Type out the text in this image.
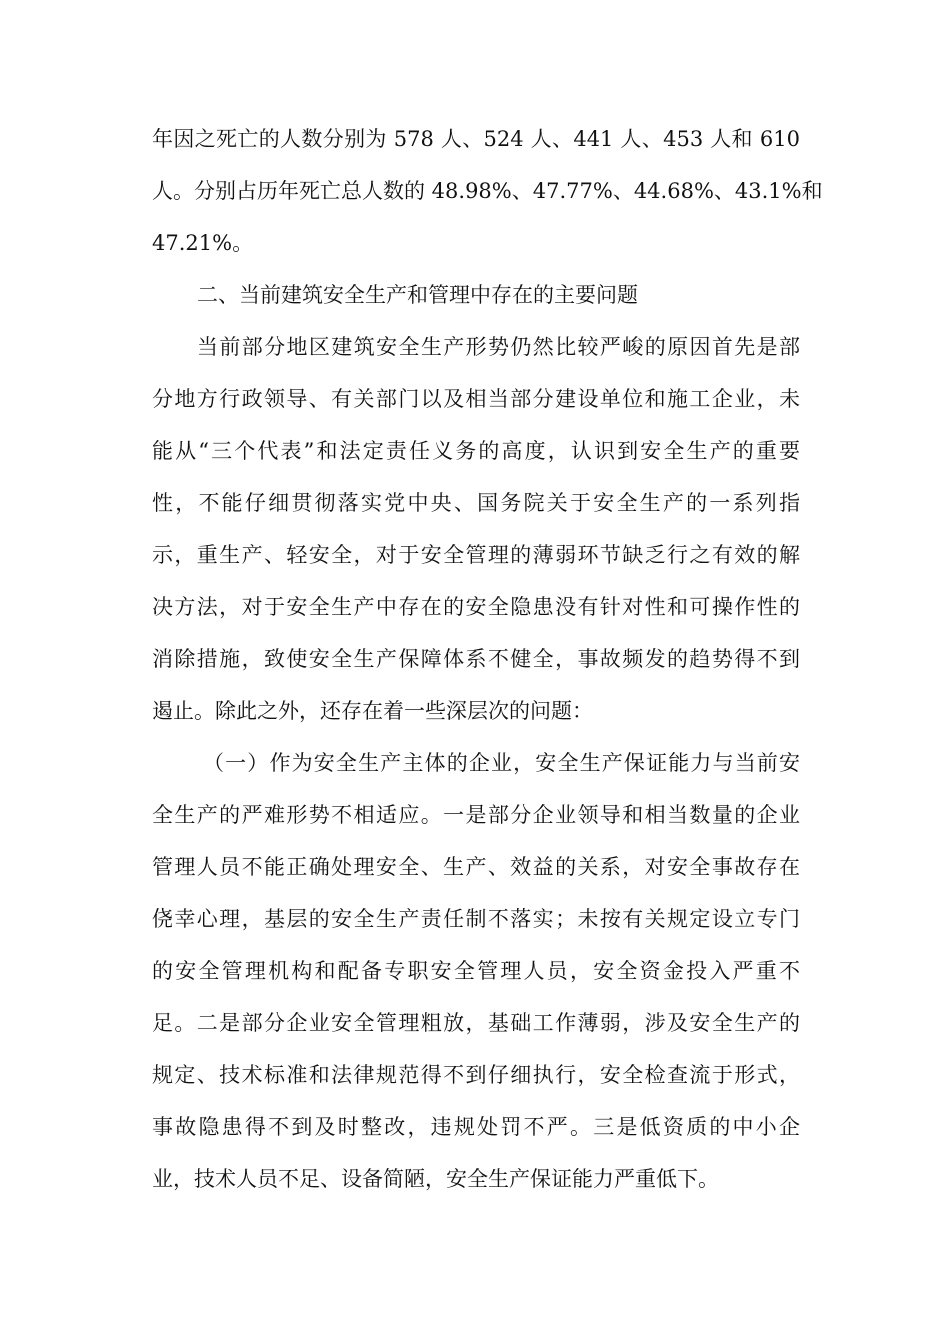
年因之死亡的人数分别为 578 人、524 人、441 人、453 人和 610
人。分别占历年死亡总人数的 48.98%、47.77%、44.68%、43.1%和
47.21%。
二、当前建筑安全生产和管理中存在的主要问题
当前部分地区建筑安全生产形势仍然比较严峻的原因首先是部
分地方行政领导、有关部门以及相当部分建设单位和施工企业，未
能从“三个代表”和法定责任义务的高度，认识到安全生产的重要
性，不能仔细贯彻落实党中央、国务院关于安全生产的一系列指
示，重生产、轻安全，对于安全管理的薄弱环节缺乏行之有效的解
决方法，对于安全生产中存在的安全隐患没有针对性和可操作性的
消除措施，致使安全生产保障体系不健全，事故频发的趋势得不到
遏止。除此之外，还存在着一些深层次的问题：
（一）作为安全生产主体的企业，安全生产保证能力与当前安
全生产的严难形势不相适应。一是部分企业领导和相当数量的企业
管理人员不能正确处理安全、生产、效益的关系，对安全事故存在
侥幸心理，基层的安全生产责任制不落实；未按有关规定设立专门
的安全管理机构和配备专职安全管理人员，安全资金投入严重不
足。二是部分企业安全管理粗放，基础工作薄弱，涉及安全生产的
规定、技术标准和法律规范得不到仔细执行，安全检查流于形式，
事故隐患得不到及时整改，违规处罚不严。三是低资质的中小企
业，技术人员不足、设备简陋，安全生产保证能力严重低下。
